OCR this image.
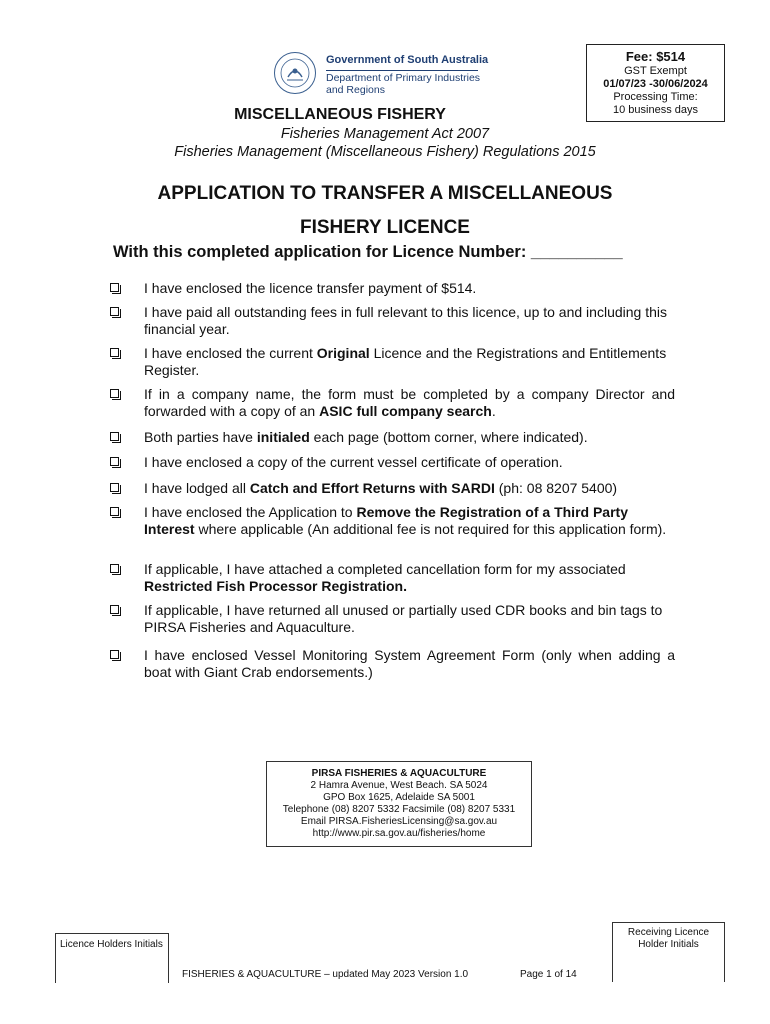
Government of South Australia
Department of Primary Industries
and Regions
Fee: $514
GST Exempt
01/07/23 -30/06/2024
Processing Time:
10 business days
MISCELLANEOUS FISHERY
Fisheries Management Act 2007
Fisheries Management (Miscellaneous Fishery) Regulations 2015
APPLICATION TO TRANSFER A MISCELLANEOUS
FISHERY LICENCE
With this completed application for Licence Number: __________
I have enclosed the licence transfer payment of $514.
I have paid all outstanding fees in full relevant to this licence, up to and including this financial year.
I have enclosed the current Original Licence and the Registrations and Entitlements Register.
If in a company name, the form must be completed by a company Director and forwarded with a copy of an ASIC full company search.
Both parties have initialed each page (bottom corner, where indicated).
I have enclosed a copy of the current vessel certificate of operation.
I have lodged all Catch and Effort Returns with SARDI (ph: 08 8207 5400)
I have enclosed the Application to Remove the Registration of a Third Party Interest where applicable (An additional fee is not required for this application form).
If applicable, I have attached a completed cancellation form for my associated Restricted Fish Processor Registration.
If applicable, I have returned all unused or partially used CDR books and bin tags to PIRSA Fisheries and Aquaculture.
I have enclosed Vessel Monitoring System Agreement Form (only when adding a boat with Giant Crab endorsements.)
PIRSA FISHERIES & AQUACULTURE
2 Hamra Avenue, West Beach. SA 5024
GPO Box 1625, Adelaide SA 5001
Telephone (08) 8207 5332 Facsimile (08) 8207 5331
Email PIRSA.FisheriesLicensing@sa.gov.au
http://www.pir.sa.gov.au/fisheries/home
Licence Holders Initials
Receiving Licence
Holder Initials
FISHERIES & AQUACULTURE – updated May 2023 Version 1.0	Page 1 of 14
